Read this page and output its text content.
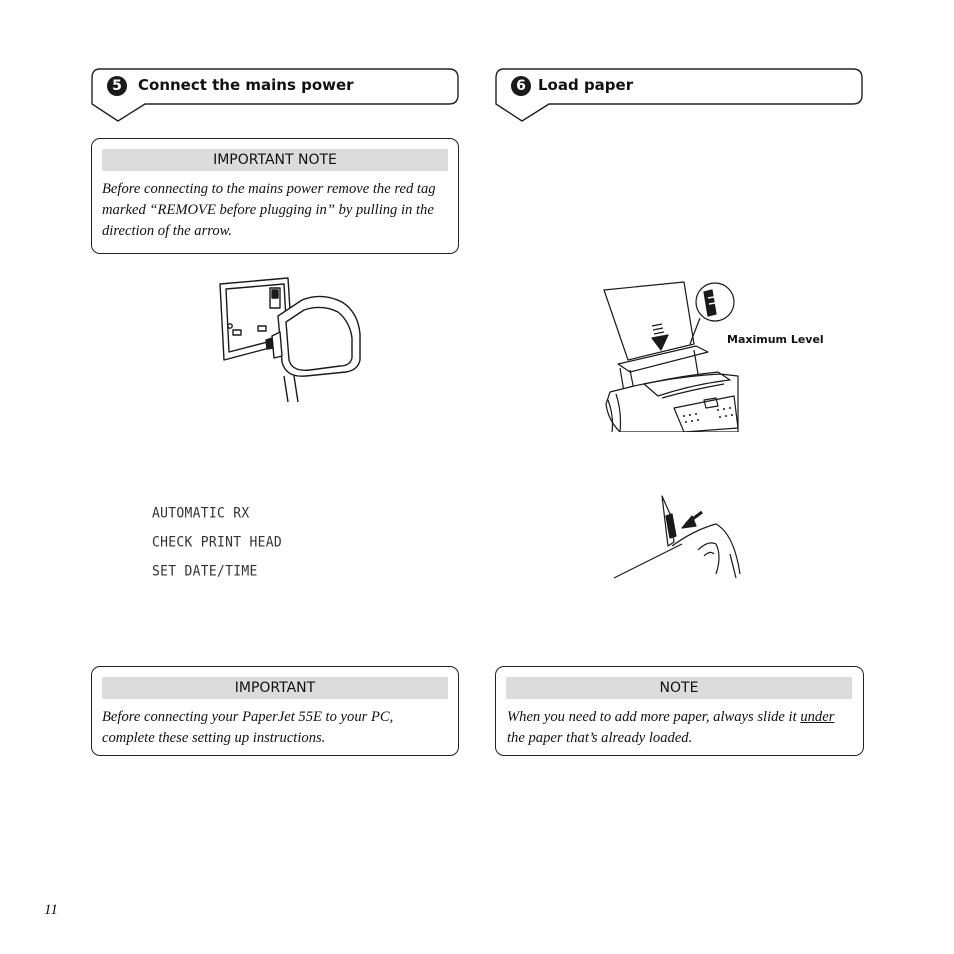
5	Connect the mains power	6 Load paper
IMPORTANT NOTE
Before connecting to the mains power remove the red tag marked “REMOVE before plugging in” by pulling in the direction of the arrow.
AUTOMATIC RX
CHECK PRINT HEAD
SET DATE/TIME
Maximum Level
IMPORTANT
Before connecting your PaperJet 55E to your PC, complete these setting up instructions.
NOTE
When you need to add more paper, always slide it under the paper that’s already loaded.
11
